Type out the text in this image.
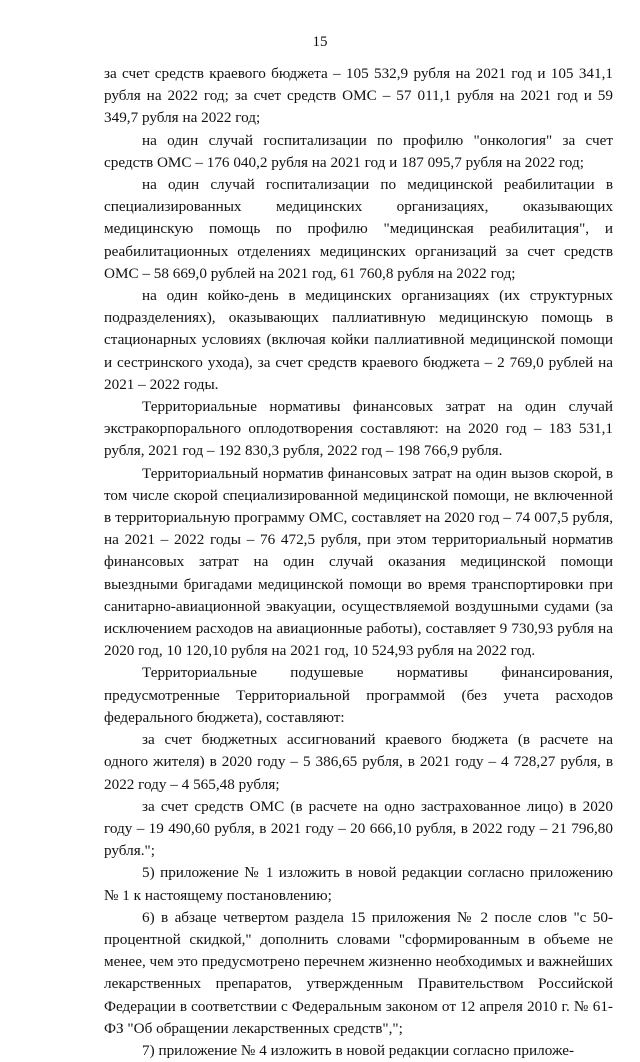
15

за счет средств краевого бюджета – 105 532,9 рубля на 2021 год и 105 341,1 рубля на 2022 год; за счет средств ОМС – 57 011,1 рубля на 2021 год и 59 349,7 рубля на 2022 год;

на один случай госпитализации по профилю "онкология" за счет средств ОМС – 176 040,2 рубля на 2021 год и 187 095,7 рубля на 2022 год;

на один случай госпитализации по медицинской реабилитации в специализированных медицинских организациях, оказывающих медицинскую помощь по профилю "медицинская реабилитация", и реабилитационных отделениях медицинских организаций за счет средств ОМС – 58 669,0 рублей на 2021 год, 61 760,8 рубля на 2022 год;

на один койко-день в медицинских организациях (их структурных подразделениях), оказывающих паллиативную медицинскую помощь в стационарных условиях (включая койки паллиативной медицинской помощи и сестринского ухода), за счет средств краевого бюджета – 2 769,0 рублей на 2021 – 2022 годы.

Территориальные нормативы финансовых затрат на один случай экстракорпорального оплодотворения составляют: на 2020 год – 183 531,1 рубля, 2021 год – 192 830,3 рубля, 2022 год – 198 766,9 рубля.

Территориальный норматив финансовых затрат на один вызов скорой, в том числе скорой специализированной медицинской помощи, не включенной в территориальную программу ОМС, составляет на 2020 год – 74 007,5 рубля, на 2021 – 2022 годы – 76 472,5 рубля, при этом территориальный норматив финансовых затрат на один случай оказания медицинской помощи выездными бригадами медицинской помощи во время транспортировки при санитарно-авиационной эвакуации, осуществляемой воздушными судами (за исключением расходов на авиационные работы), составляет 9 730,93 рубля на 2020 год, 10 120,10 рубля на 2021 год, 10 524,93 рубля на 2022 год.

Территориальные подушевые нормативы финансирования, предусмотренные Территориальной программой (без учета расходов федерального бюджета), составляют:

за счет бюджетных ассигнований краевого бюджета (в расчете на одного жителя) в 2020 году – 5 386,65 рубля, в 2021 году – 4 728,27 рубля, в 2022 году – 4 565,48 рубля;

за счет средств ОМС (в расчете на одно застрахованное лицо) в 2020 году – 19 490,60 рубля, в 2021 году – 20 666,10 рубля, в 2022 году – 21 796,80 рубля.";

5) приложение № 1 изложить в новой редакции согласно приложению № 1 к настоящему постановлению;

6) в абзаце четвертом раздела 15 приложения № 2 после слов "с 50-процентной скидкой," дополнить словами "сформированным в объеме не менее, чем это предусмотрено перечнем жизненно необходимых и важнейших лекарственных препаратов, утвержденным Правительством Российской Федерации в соответствии с Федеральным законом от 12 апреля 2010 г. № 61-ФЗ "Об обращении лекарственных средств",";

7) приложение № 4 изложить в новой редакции согласно приложе-
